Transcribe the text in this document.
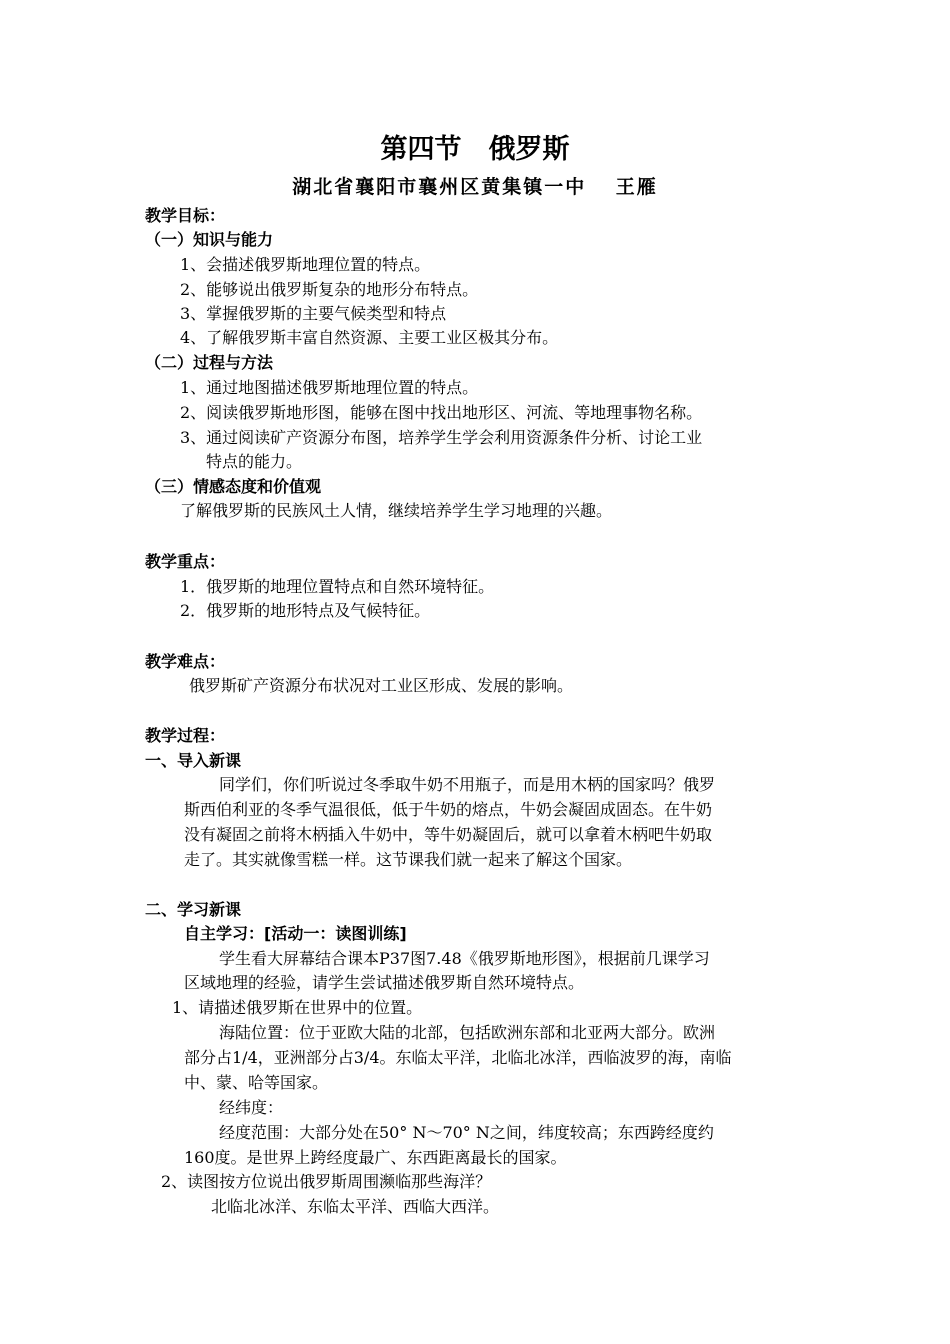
第四节　俄罗斯
湖北省襄阳市襄州区黄集镇一中　 王雁
教学目标：
（一）知识与能力
1、会描述俄罗斯地理位置的特点。
2、能够说出俄罗斯复杂的地形分布特点。
3、掌握俄罗斯的主要气候类型和特点
4、了解俄罗斯丰富自然资源、主要工业区极其分布。
（二）过程与方法
1、通过地图描述俄罗斯地理位置的特点。
2、阅读俄罗斯地形图，能够在图中找出地形区、河流、等地理事物名称。
3、通过阅读矿产资源分布图，培养学生学会利用资源条件分析、讨论工业
特点的能力。
（三）情感态度和价值观
了解俄罗斯的民族风土人情，继续培养学生学习地理的兴趣。
教学重点：
1．俄罗斯的地理位置特点和自然环境特征。
2．俄罗斯的地形特点及气候特征。
教学难点：
俄罗斯矿产资源分布状况对工业区形成、发展的影响。
教学过程：
一、导入新课
同学们，你们听说过冬季取牛奶不用瓶子，而是用木柄的国家吗？俄罗
斯西伯利亚的冬季气温很低，低于牛奶的熔点，牛奶会凝固成固态。在牛奶
没有凝固之前将木柄插入牛奶中，等牛奶凝固后，就可以拿着木柄吧牛奶取
走了。其实就像雪糕一样。这节课我们就一起来了解这个国家。
二、学习新课
自主学习：[活动一：读图训练]
学生看大屏幕结合课本P37图7.48《俄罗斯地形图》，根据前几课学习
区域地理的经验，请学生尝试描述俄罗斯自然环境特点。
1、请描述俄罗斯在世界中的位置。
海陆位置：位于亚欧大陆的北部，包括欧洲东部和北亚两大部分。欧洲
部分占1/4，亚洲部分占3/4。东临太平洋，北临北冰洋，西临波罗的海，南临
中、蒙、哈等国家。
经纬度：
经度范围：大部分处在50° N～70° N之间，纬度较高；东西跨经度约
160度。是世界上跨经度最广、东西距离最长的国家。
2、读图按方位说出俄罗斯周围濒临那些海洋？
北临北冰洋、东临太平洋、西临大西洋。
